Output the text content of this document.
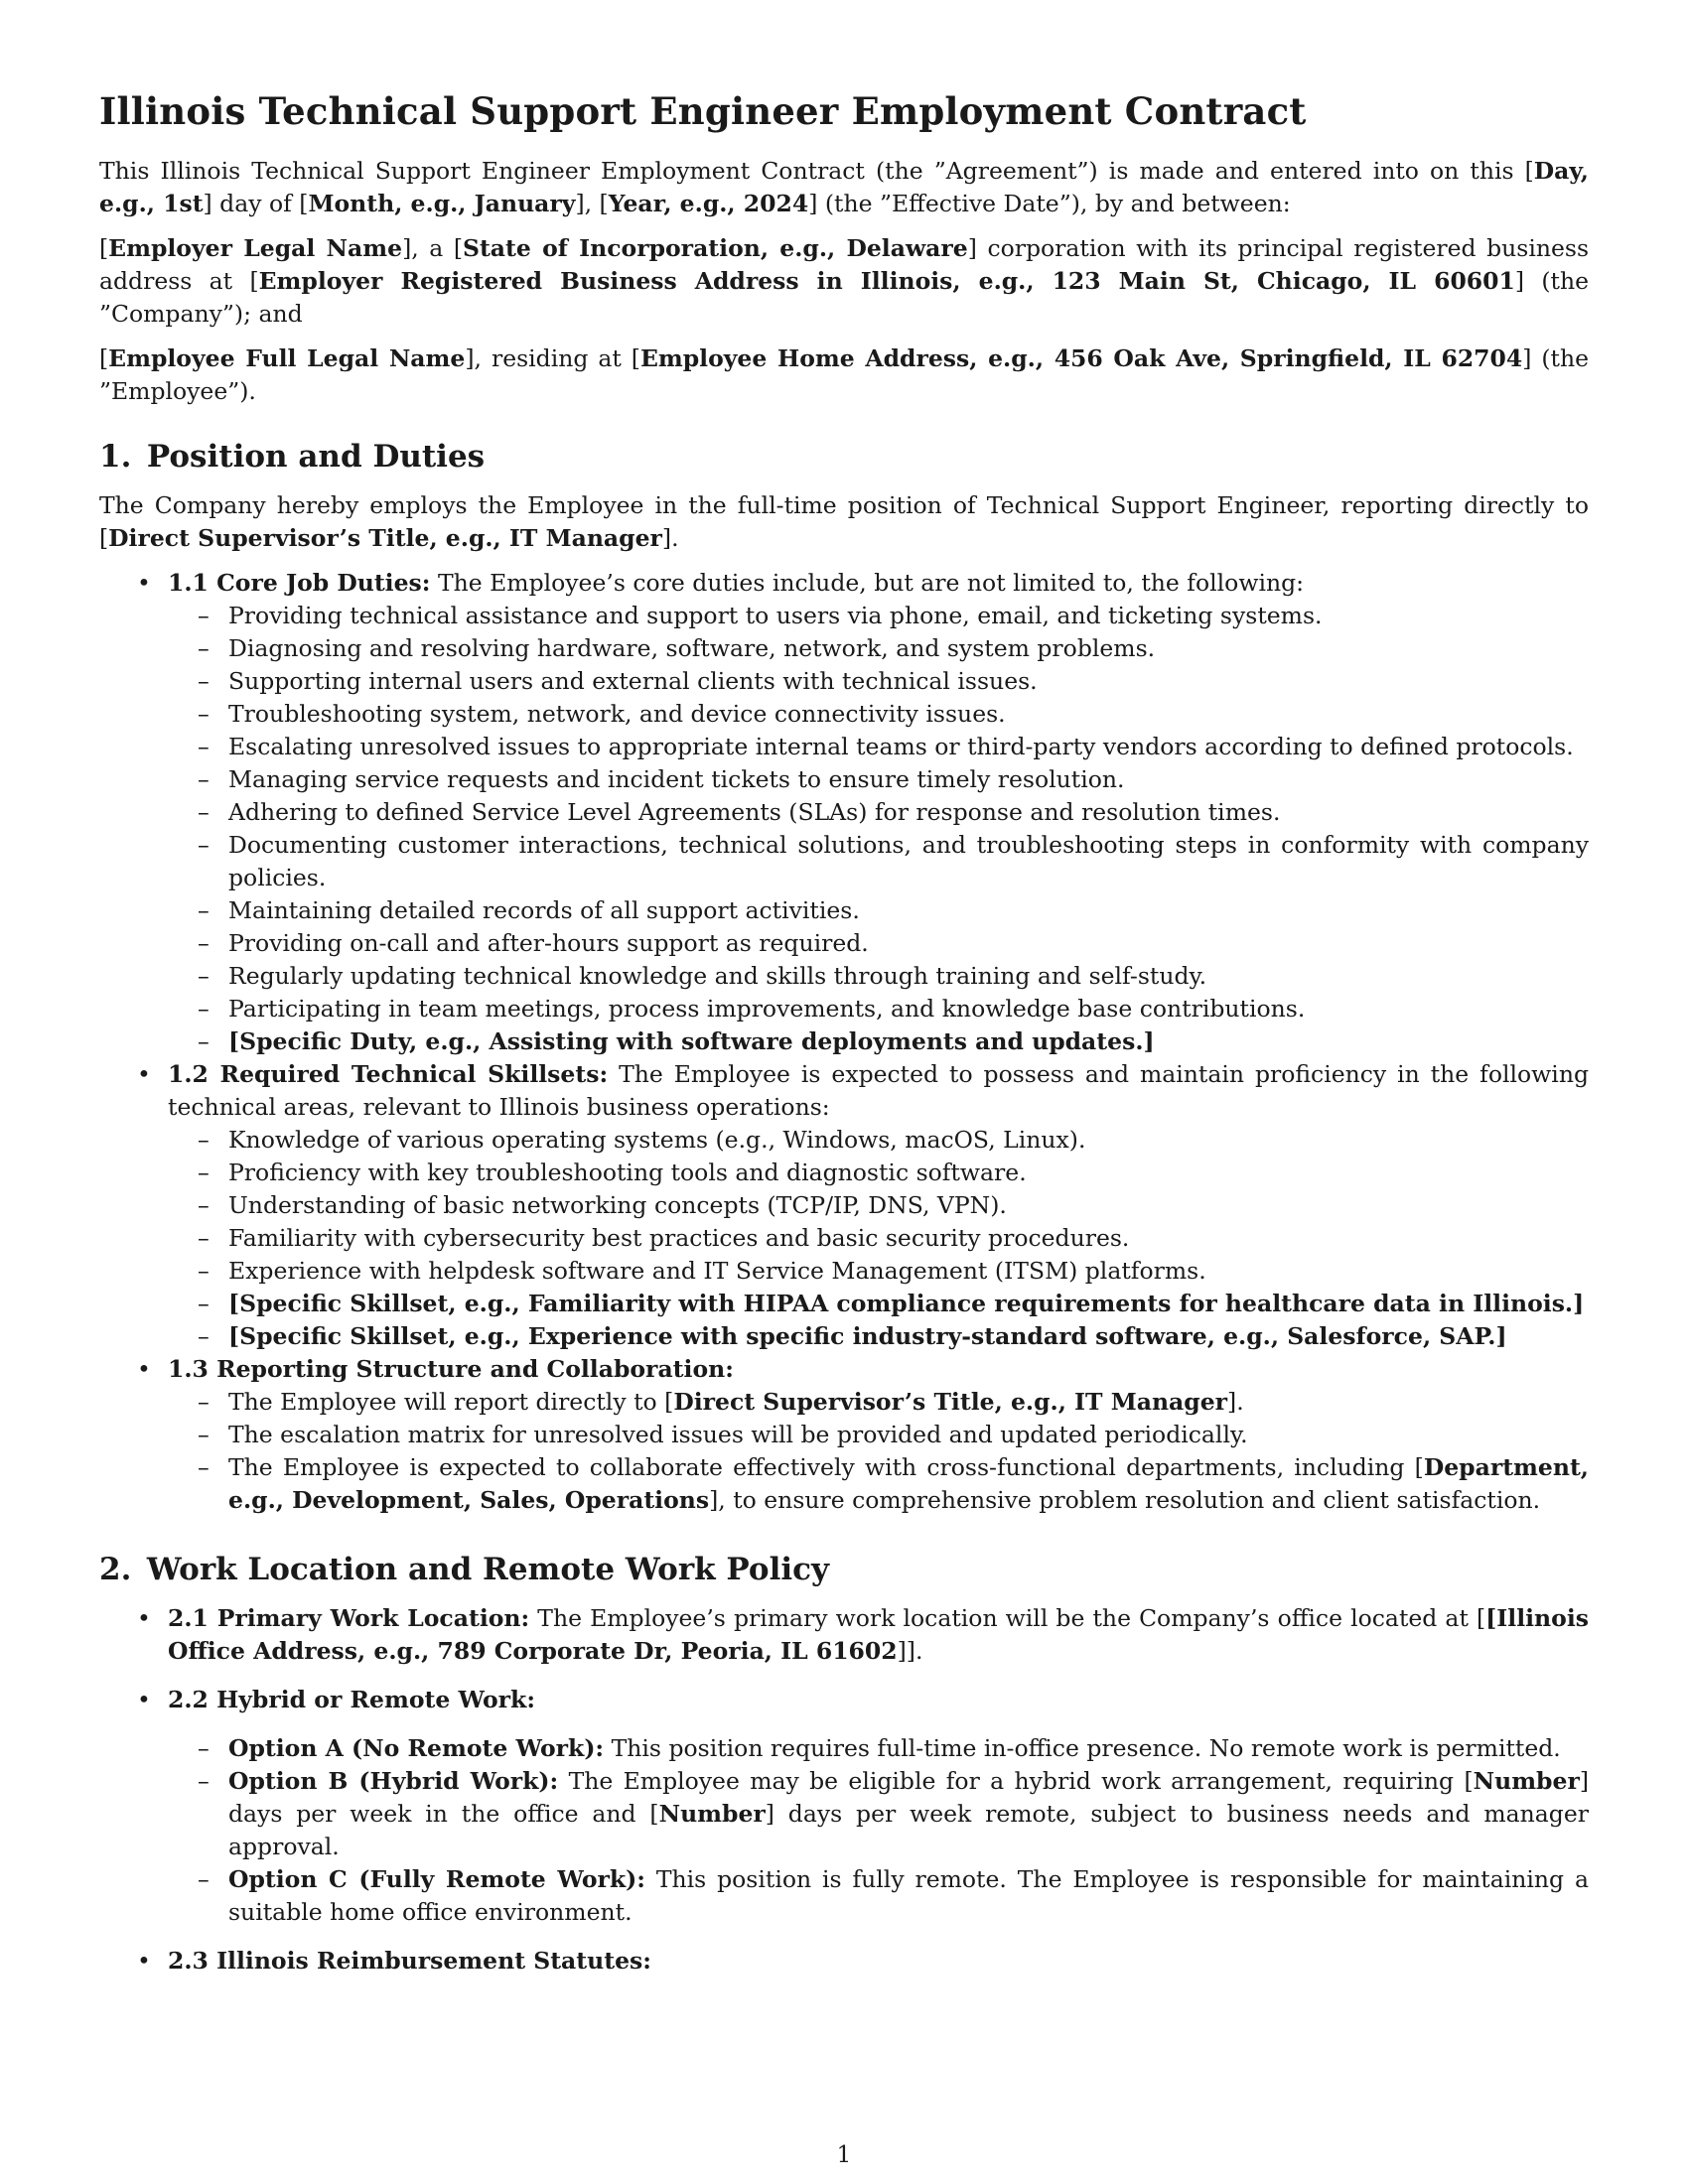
Illinois Technical Support Engineer Employment Contract

This Illinois Technical Support Engineer Employment Contract (the ”Agreement”) is made and entered into on this [Day, e.g., 1st] day of [Month, e.g., January], [Year, e.g., 2024] (the ”Effective Date”), by and between:

[Employer Legal Name], a [State of Incorporation, e.g., Delaware] corporation with its principal registered business address at [Employer Registered Business Address in Illinois, e.g., 123 Main St, Chicago, IL 60601] (the ”Company”); and

[Employee Full Legal Name], residing at [Employee Home Address, e.g., 456 Oak Ave, Springfield, IL 62704] (the ”Employee”).

1. Position and Duties

The Company hereby employs the Employee in the full-time position of Technical Support Engineer, reporting directly to [Direct Supervisor’s Title, e.g., IT Manager].

• 1.1 Core Job Duties: The Employee’s core duties include, but are not limited to, the following:
– Providing technical assistance and support to users via phone, email, and ticketing systems.
– Diagnosing and resolving hardware, software, network, and system problems.
– Supporting internal users and external clients with technical issues.
– Troubleshooting system, network, and device connectivity issues.
– Escalating unresolved issues to appropriate internal teams or third-party vendors according to defined protocols.
– Managing service requests and incident tickets to ensure timely resolution.
– Adhering to defined Service Level Agreements (SLAs) for response and resolution times.
– Documenting customer interactions, technical solutions, and troubleshooting steps in conformity with company policies.
– Maintaining detailed records of all support activities.
– Providing on-call and after-hours support as required.
– Regularly updating technical knowledge and skills through training and self-study.
– Participating in team meetings, process improvements, and knowledge base contributions.
– [Specific Duty, e.g., Assisting with software deployments and updates.]
• 1.2 Required Technical Skillsets: The Employee is expected to possess and maintain proficiency in the following technical areas, relevant to Illinois business operations:
– Knowledge of various operating systems (e.g., Windows, macOS, Linux).
– Proficiency with key troubleshooting tools and diagnostic software.
– Understanding of basic networking concepts (TCP/IP, DNS, VPN).
– Familiarity with cybersecurity best practices and basic security procedures.
– Experience with helpdesk software and IT Service Management (ITSM) platforms.
– [Specific Skillset, e.g., Familiarity with HIPAA compliance requirements for healthcare data in Illinois.]
– [Specific Skillset, e.g., Experience with specific industry-standard software, e.g., Salesforce, SAP.]
• 1.3 Reporting Structure and Collaboration:
– The Employee will report directly to [Direct Supervisor’s Title, e.g., IT Manager].
– The escalation matrix for unresolved issues will be provided and updated periodically.
– The Employee is expected to collaborate effectively with cross-functional departments, including [Department, e.g., Development, Sales, Operations], to ensure comprehensive problem resolution and client satisfaction.
2. Work Location and Remote Work Policy
• 2.1 Primary Work Location: The Employee’s primary work location will be the Company’s office located at [[Illinois Office Address, e.g., 789 Corporate Dr, Peoria, IL 61602]].
• 2.2 Hybrid or Remote Work:
– Option A (No Remote Work): This position requires full-time in-office presence. No remote work is permitted.
– Option B (Hybrid Work): The Employee may be eligible for a hybrid work arrangement, requiring [Number] days per week in the office and [Number] days per week remote, subject to business needs and manager approval.
– Option C (Fully Remote Work): This position is fully remote. The Employee is responsible for maintaining a suitable home office environment.
• 2.3 Illinois Reimbursement Statutes:
1
